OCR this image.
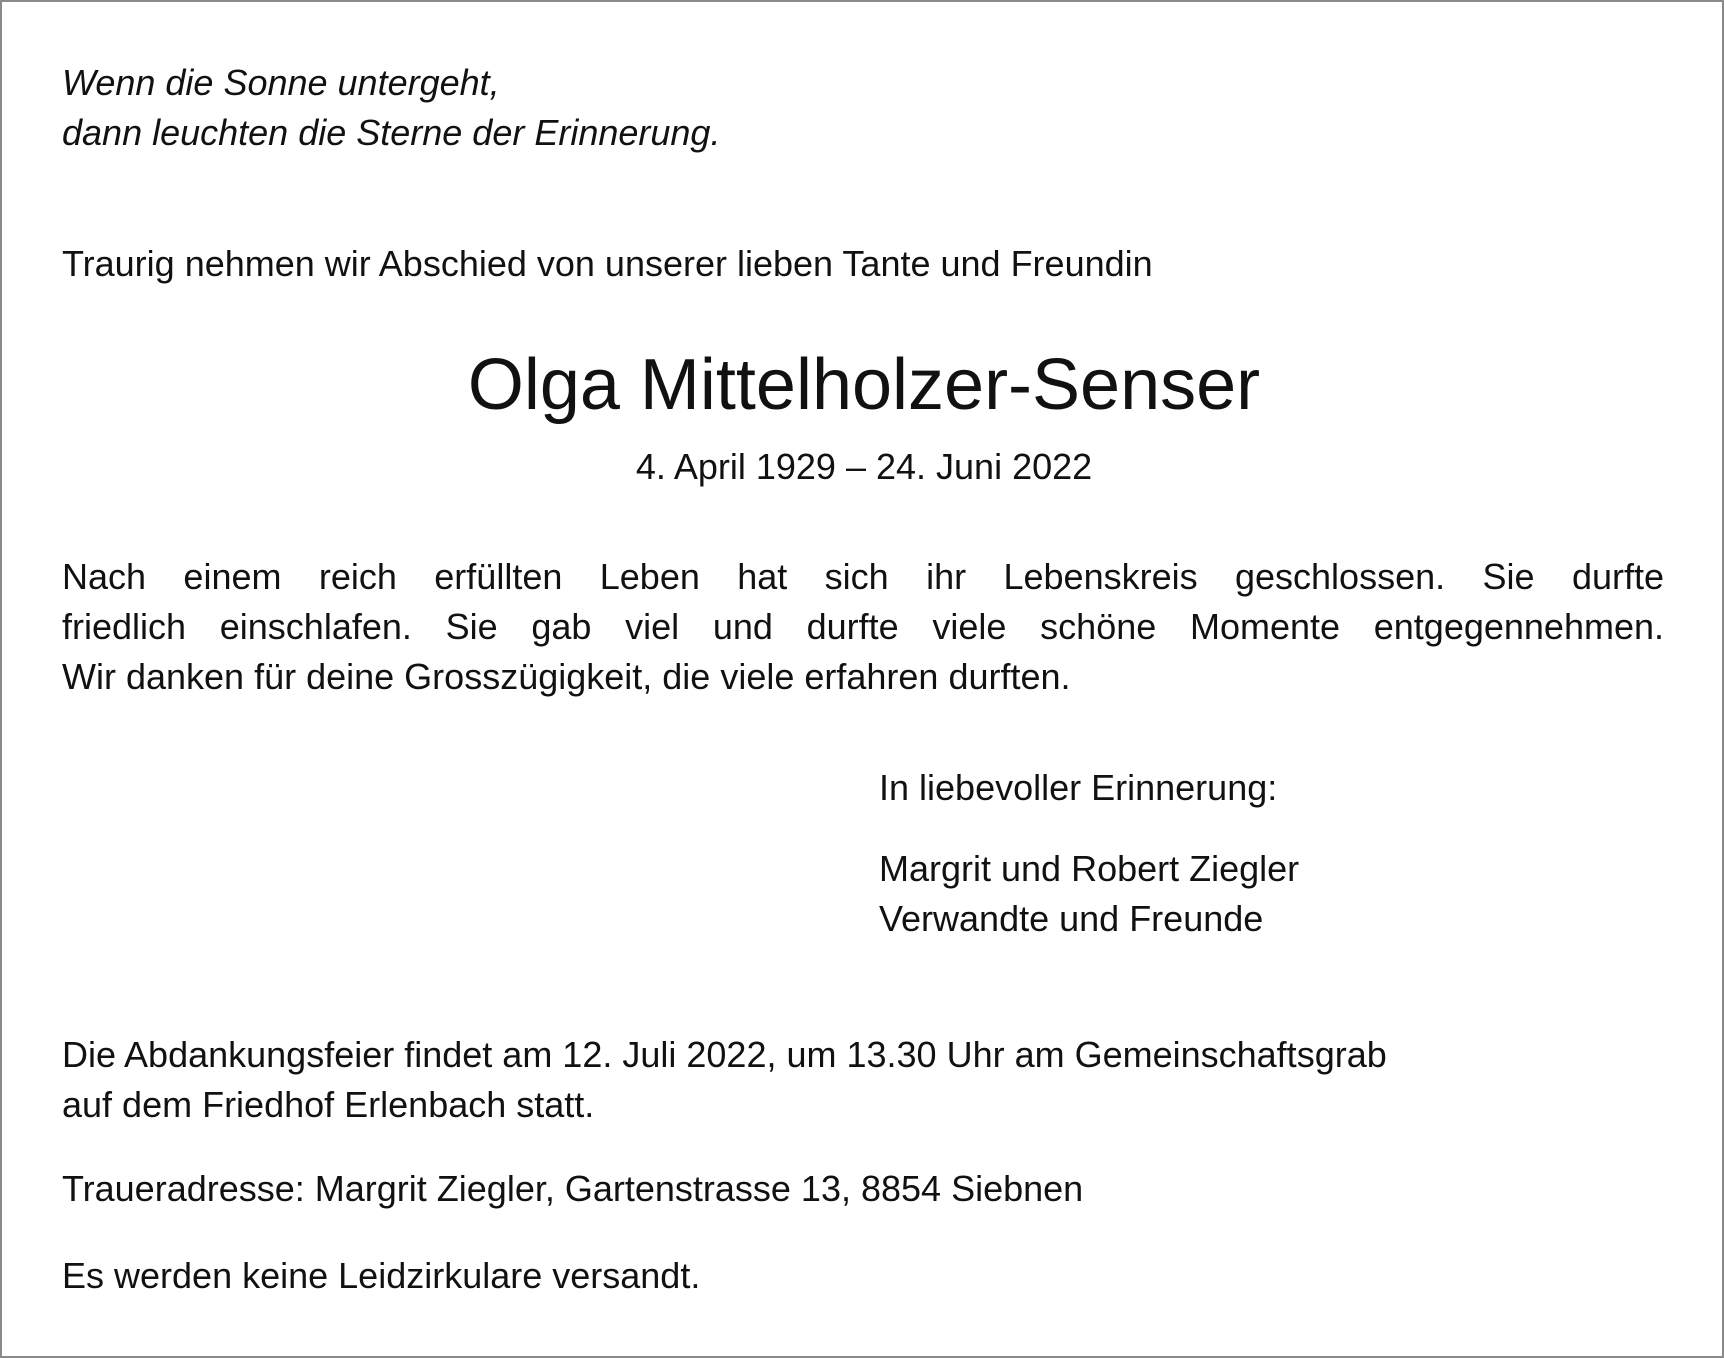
Wenn die Sonne untergeht,
dann leuchten die Sterne der Erinnerung.

Traurig nehmen wir Abschied von unserer lieben Tante und Freundin

Olga Mittelholzer-Senser

4. April 1929 – 24. Juni 2022

Nach einem reich erfüllten Leben hat sich ihr Lebenskreis geschlossen. Sie durfte
friedlich einschlafen. Sie gab viel und durfte viele schöne Momente entgegennehmen.
Wir danken für deine Grosszügigkeit, die viele erfahren durften.

In liebevoller Erinnerung:

Margrit und Robert Ziegler
Verwandte und Freunde

Die Abdankungsfeier findet am 12. Juli 2022, um 13.30 Uhr am Gemeinschaftsgrab
auf dem Friedhof Erlenbach statt.

Traueradresse: Margrit Ziegler, Gartenstrasse 13, 8854 Siebnen

Es werden keine Leidzirkulare versandt.
